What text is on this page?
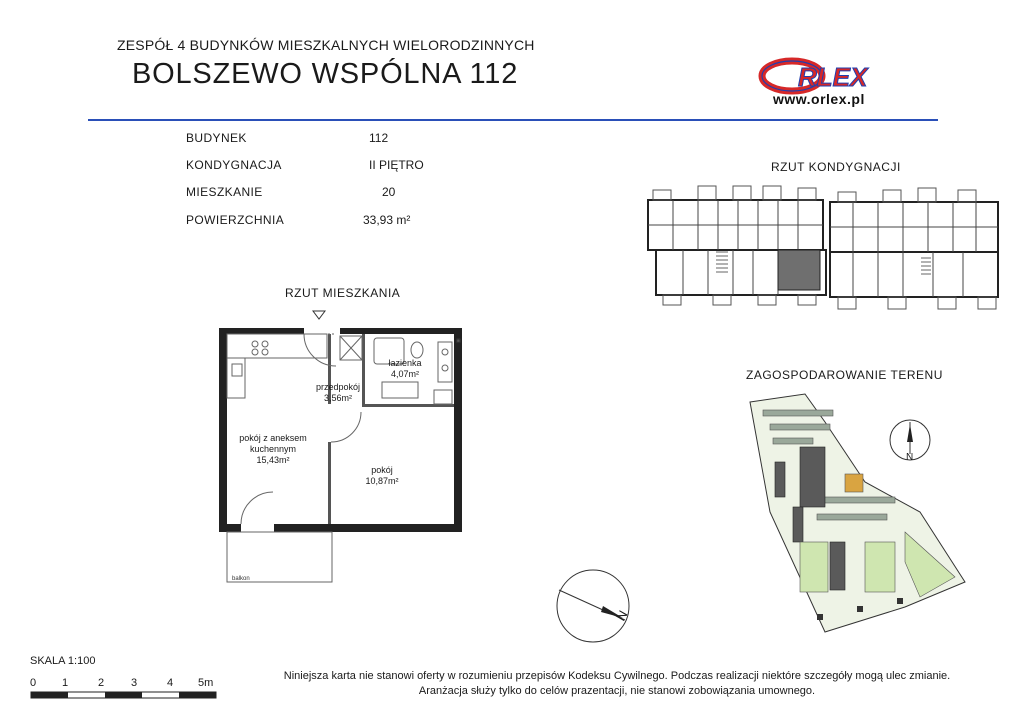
ZESPÓŁ 4 BUDYNKÓW MIESZKALNYCH WIELORODZINNYCH
BOLSZEWO WSPÓLNA 112	RLEX
www.orlex.pl
BUDYNEK	112
KONDYGNACJA	II PIĘTRO
MIESZKANIE	20
POWIERZCHNIA	33,93 m²
RZUT KONDYGNACJI
RZUT MIESZKANIA
balkon
▣
łazienka
4,07m²
przedpokój
3,56m²
pokój z aneksem
kuchennym
15,43m²
pokój
10,87m²
ZAGOSPODAROWANIE TERENU
N
N
SKALA 1:100
0 1	2 3	4 5m
Niniejsza karta nie stanowi oferty w rozumieniu przepisów Kodeksu Cywilnego. Podczas realizacji niektóre szczegóły mogą ulec zmianie.
Aranżacja służy tylko do celów prazentacji, nie stanowi zobowiązania umownego.
